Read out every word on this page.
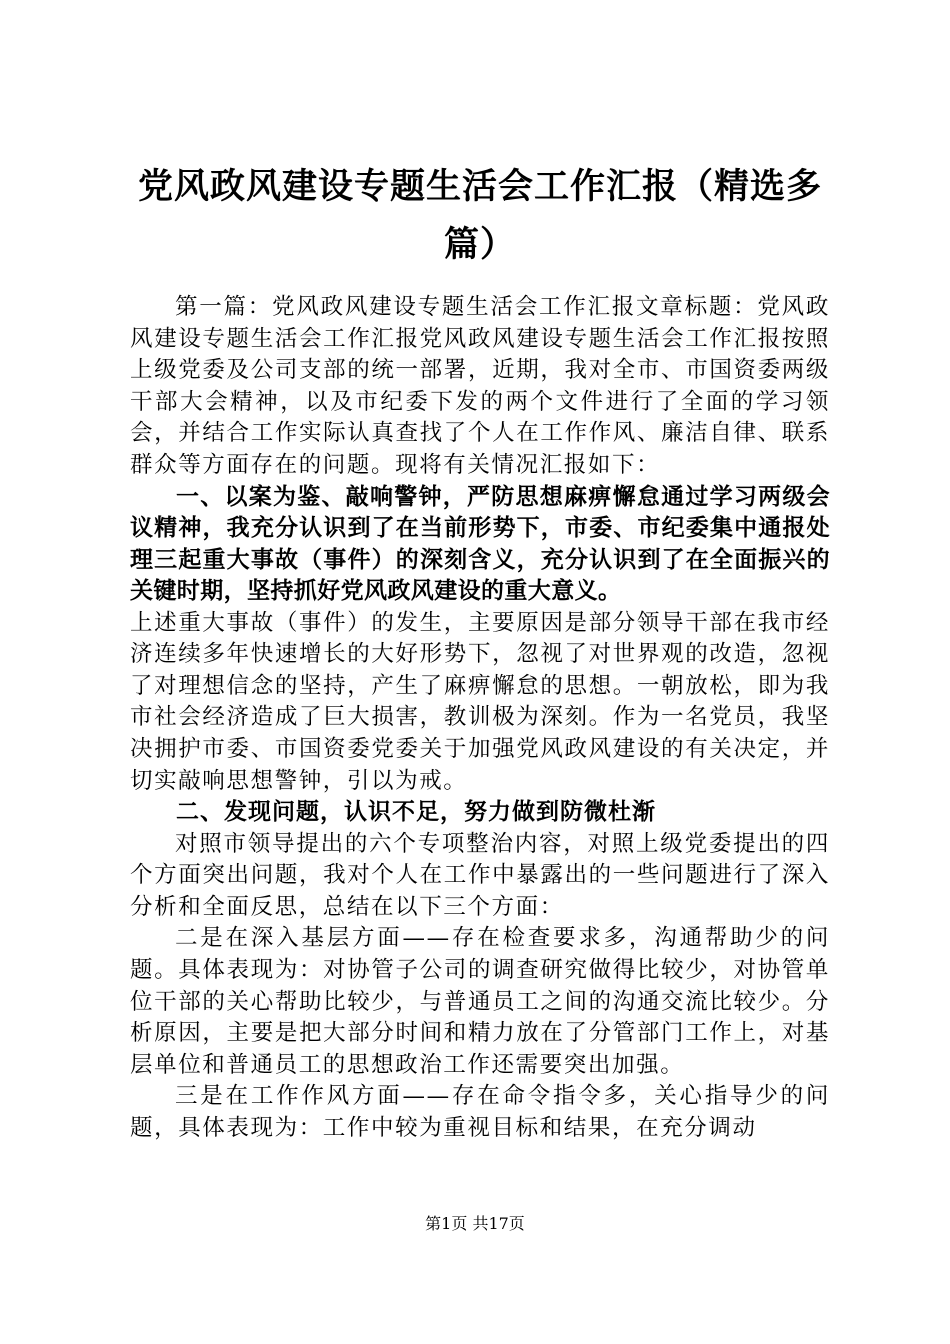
党风政风建设专题生活会工作汇报（精选多篇）

第一篇：党风政风建设专题生活会工作汇报文章标题：党风政风建设专题生活会工作汇报党风政风建设专题生活会工作汇报按照上级党委及公司支部的统一部署，近期，我对全市、市国资委两级干部大会精神，以及市纪委下发的两个文件进行了全面的学习领会，并结合工作实际认真查找了个人在工作作风、廉洁自律、联系群众等方面存在的问题。现将有关情况汇报如下：

一、以案为鉴、敲响警钟，严防思想麻痹懈怠通过学习两级会议精神，我充分认识到了在当前形势下，市委、市纪委集中通报处理三起重大事故（事件）的深刻含义，充分认识到了在全面振兴的关键时期，坚持抓好党风政风建设的重大意义。

上述重大事故（事件）的发生，主要原因是部分领导干部在我市经济连续多年快速增长的大好形势下，忽视了对世界观的改造，忽视了对理想信念的坚持，产生了麻痹懈怠的思想。一朝放松，即为我市社会经济造成了巨大损害，教训极为深刻。作为一名党员，我坚决拥护市委、市国资委党委关于加强党风政风建设的有关决定，并切实敲响思想警钟，引以为戒。

二、发现问题，认识不足，努力做到防微杜渐

对照市领导提出的六个专项整治内容，对照上级党委提出的四个方面突出问题，我对个人在工作中暴露出的一些问题进行了深入分析和全面反思，总结在以下三个方面：

二是在深入基层方面——存在检查要求多，沟通帮助少的问题。具体表现为：对协管子公司的调查研究做得比较少，对协管单位干部的关心帮助比较少，与普通员工之间的沟通交流比较少。分析原因，主要是把大部分时间和精力放在了分管部门工作上，对基层单位和普通员工的思想政治工作还需要突出加强。

三是在工作作风方面——存在命令指令多，关心指导少的问题，具体表现为：工作中较为重视目标和结果，在充分调动

第1页 共17页
